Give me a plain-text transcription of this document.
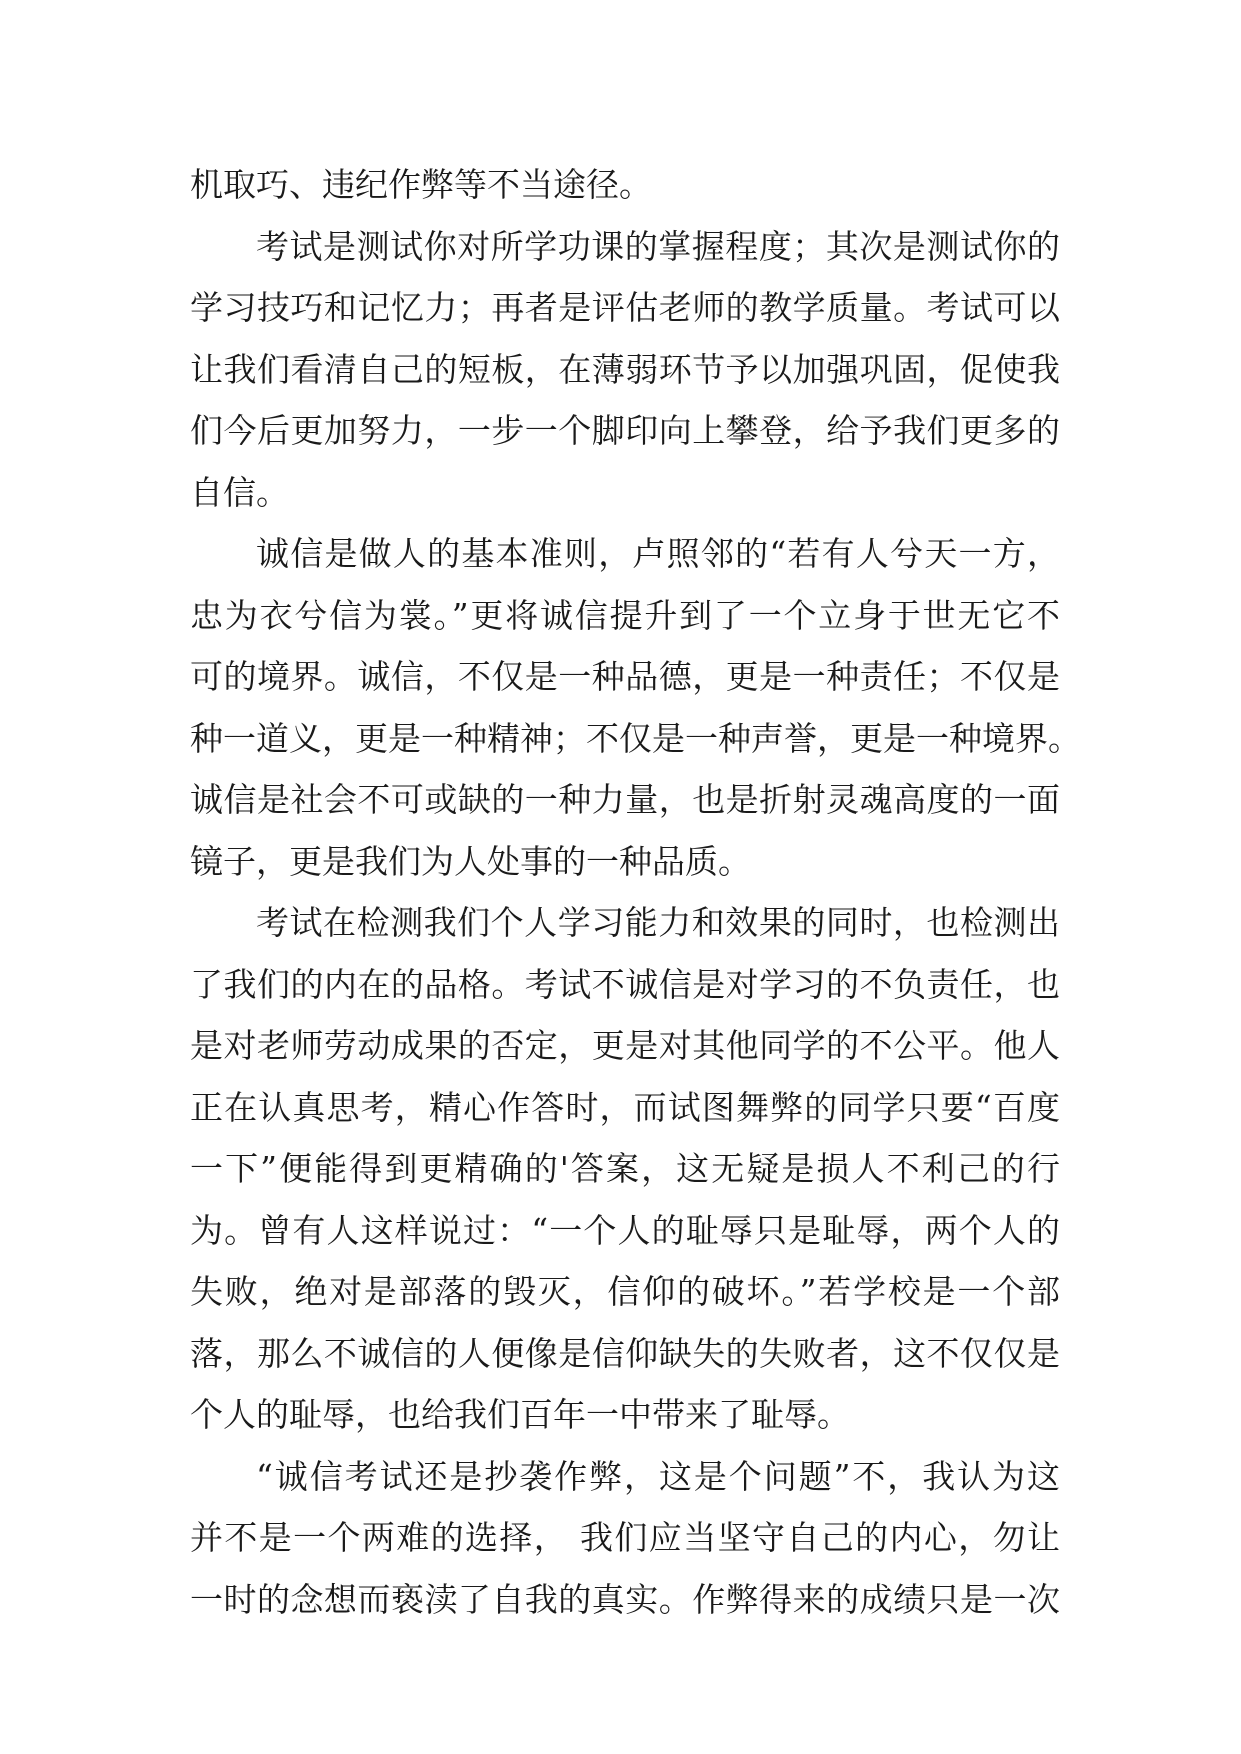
机取巧、违纪作弊等不当途径。
考试是测试你对所学功课的掌握程度；其次是测试你的
学习技巧和记忆力；再者是评估老师的教学质量。考试可以
让我们看清自己的短板，在薄弱环节予以加强巩固，促使我
们今后更加努力，一步一个脚印向上攀登，给予我们更多的
自信。
诚信是做人的基本准则，卢照邻的“若有人兮天一方，
忠为衣兮信为裳。”更将诚信提升到了一个立身于世无它不
可的境界。诚信，不仅是一种品德，更是一种责任；不仅是
种一道义，更是一种精神；不仅是一种声誉，更是一种境界。
诚信是社会不可或缺的一种力量，也是折射灵魂高度的一面
镜子，更是我们为人处事的一种品质。
考试在检测我们个人学习能力和效果的同时，也检测出
了我们的内在的品格。考试不诚信是对学习的不负责任，也
是对老师劳动成果的否定，更是对其他同学的不公平。他人
正在认真思考，精心作答时，而试图舞弊的同学只要“百度
一下”便能得到更精确的'答案，这无疑是损人不利己的行
为。曾有人这样说过：“一个人的耻辱只是耻辱，两个人的
失败，绝对是部落的毁灭，信仰的破坏。”若学校是一个部
落，那么不诚信的人便像是信仰缺失的失败者，这不仅仅是
个人的耻辱，也给我们百年一中带来了耻辱。
“诚信考试还是抄袭作弊，这是个问题”不，我认为这
并不是一个两难的选择， 我们应当坚守自己的内心，勿让
一时的念想而亵渎了自我的真实。作弊得来的成绩只是一次
